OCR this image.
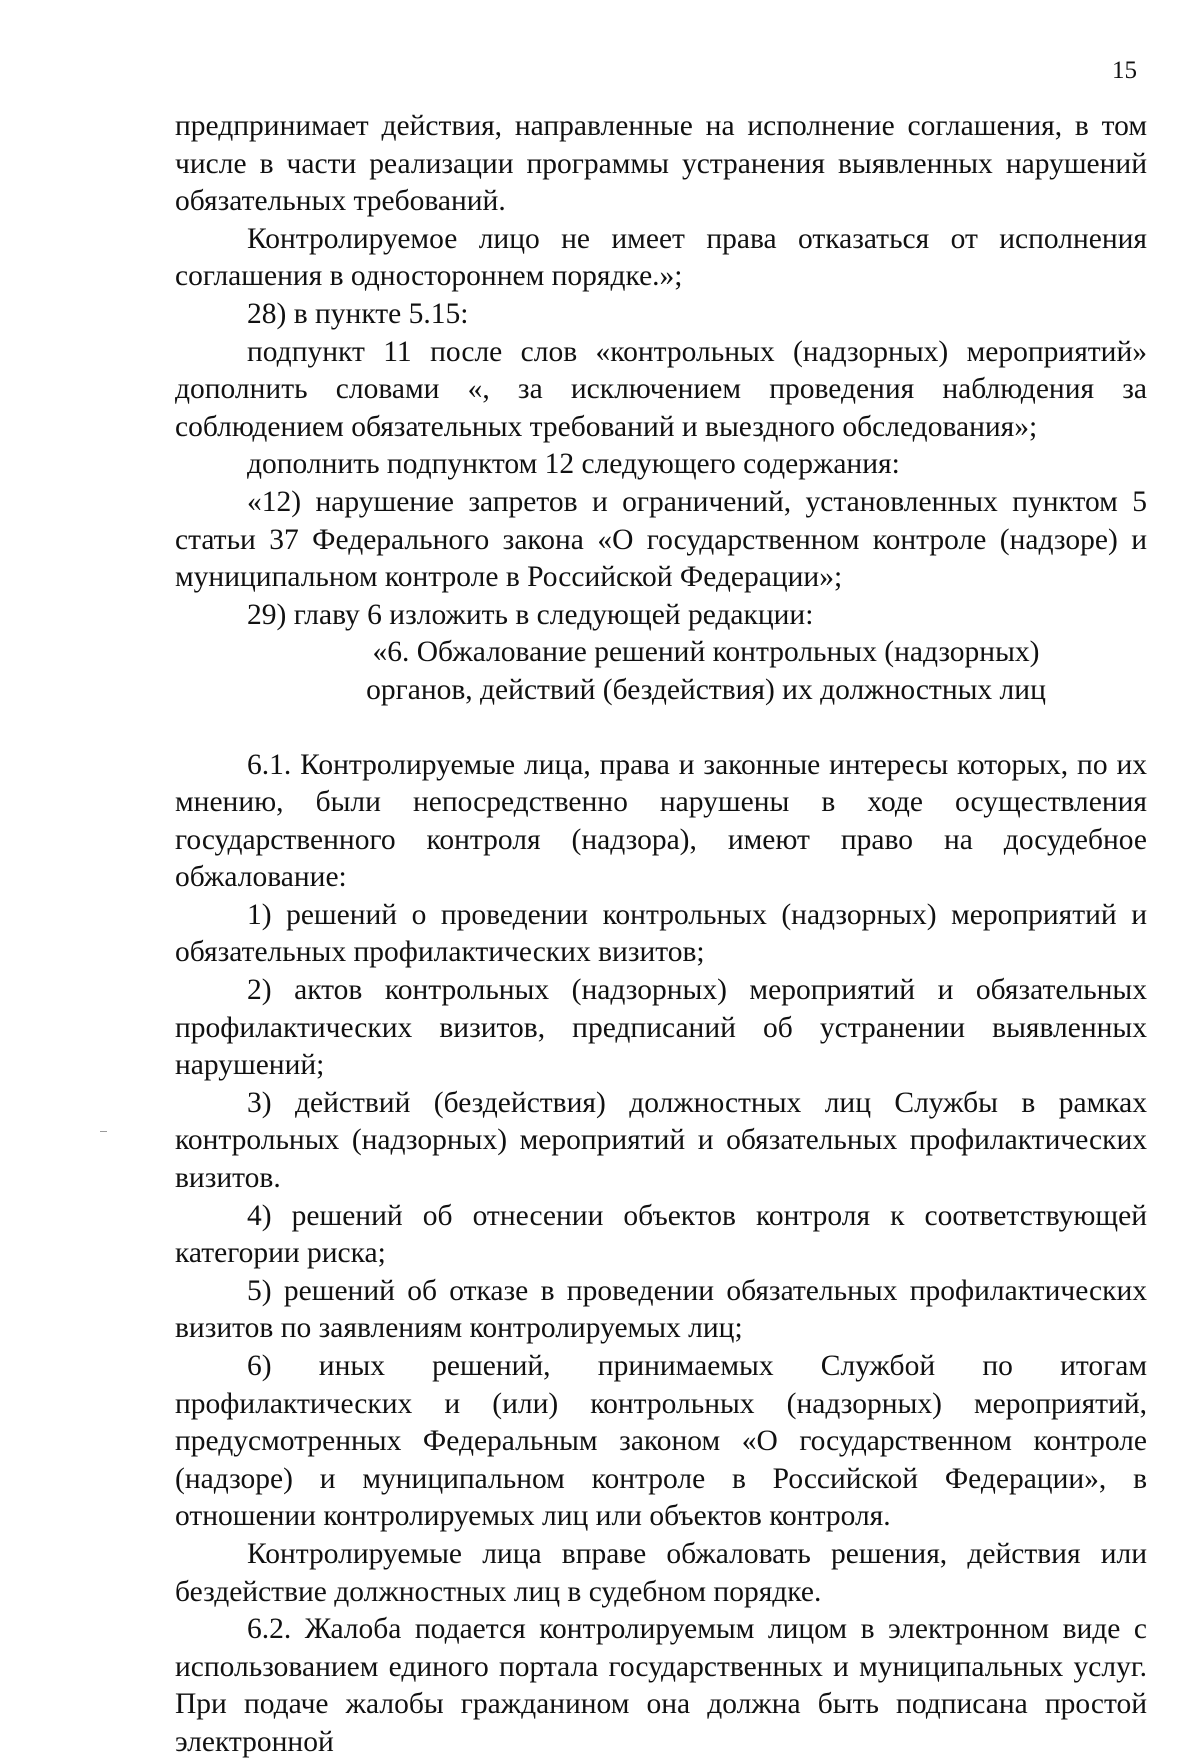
15

предпринимает действия, направленные на исполнение соглашения, в том числе в части реализации программы устранения выявленных нарушений обязательных требований.

Контролируемое лицо не имеет права отказаться от исполнения соглашения в одностороннем порядке.»;

28) в пункте 5.15:

подпункт 11 после слов «контрольных (надзорных) мероприятий» дополнить словами «, за исключением проведения наблюдения за соблюдением обязательных требований и выездного обследования»;

дополнить подпунктом 12 следующего содержания:

«12) нарушение запретов и ограничений, установленных пунктом 5 статьи 37 Федерального закона «О государственном контроле (надзоре) и муниципальном контроле в Российской Федерации»;

29) главу 6 изложить в следующей редакции:

«6. Обжалование решений контрольных (надзорных)
органов, действий (бездействия) их должностных лиц

6.1. Контролируемые лица, права и законные интересы которых, по их мнению, были непосредственно нарушены в ходе осуществления государственного контроля (надзора), имеют право на досудебное обжалование:

1) решений о проведении контрольных (надзорных) мероприятий и обязательных профилактических визитов;

2) актов контрольных (надзорных) мероприятий и обязательных профилактических визитов, предписаний об устранении выявленных нарушений;

3) действий (бездействия) должностных лиц Службы в рамках контрольных (надзорных) мероприятий и обязательных профилактических визитов.

4) решений об отнесении объектов контроля к соответствующей категории риска;

5) решений об отказе в проведении обязательных профилактических визитов по заявлениям контролируемых лиц;

6) иных решений, принимаемых Службой по итогам профилактических и (или) контрольных (надзорных) мероприятий, предусмотренных Федеральным законом «О государственном контроле (надзоре) и муниципальном контроле в Российской Федерации», в отношении контролируемых лиц или объектов контроля.

Контролируемые лица вправе обжаловать решения, действия или бездействие должностных лиц в судебном порядке.

6.2. Жалоба подается контролируемым лицом в электронном виде с использованием единого портала государственных и муниципальных услуг. При подаче жалобы гражданином она должна быть подписана простой электронной
